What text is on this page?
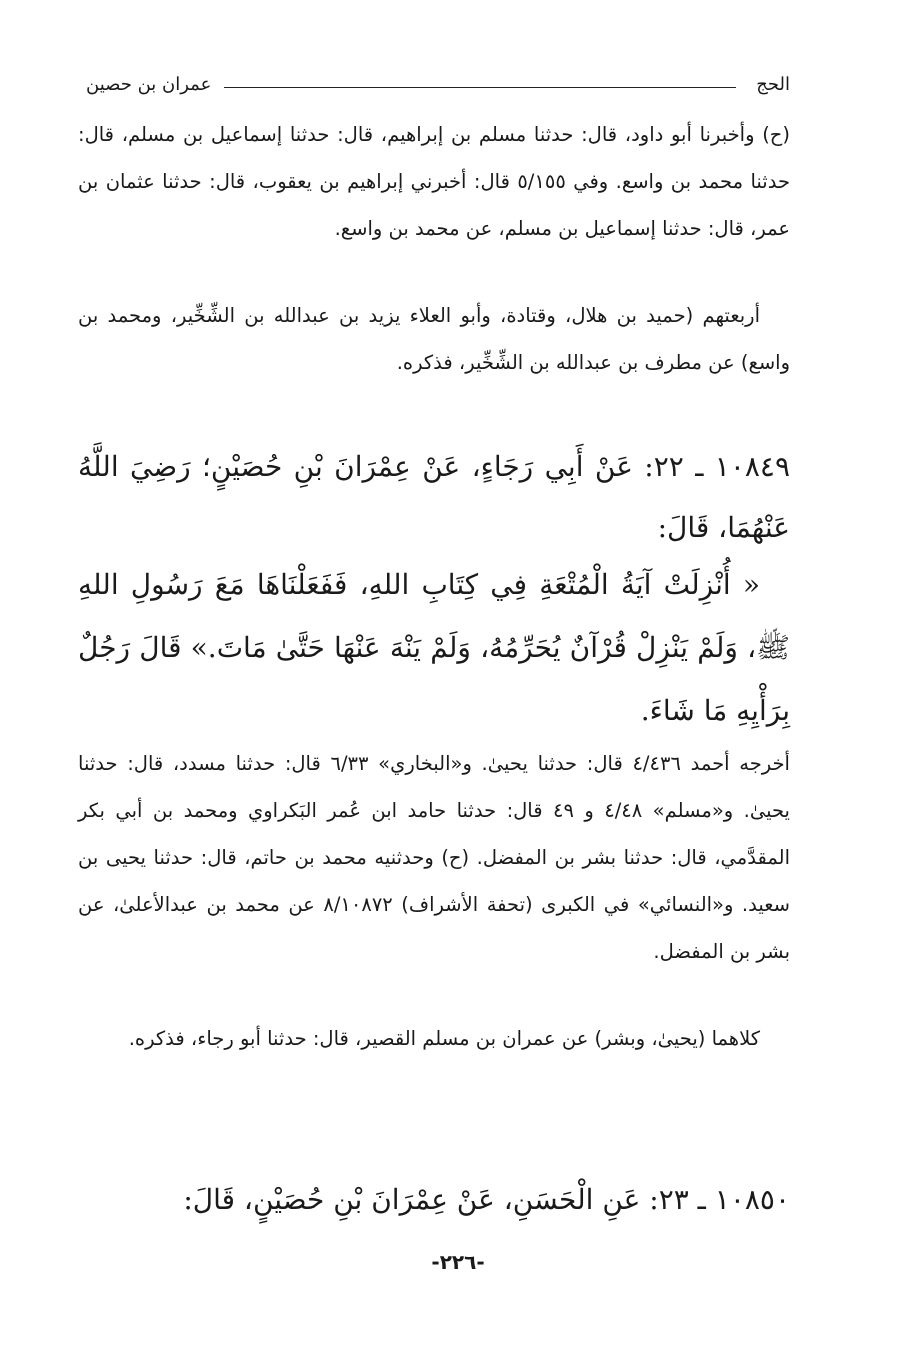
الحج
عمران بن حصين

(ح) وأخبرنا أبو داود، قال: حدثنا مسلم بن إبراهيم، قال: حدثنا إسماعيل بن مسلم، قال: حدثنا محمد بن واسع. وفي ٥/١٥٥ قال: أخبرني إبراهيم بن يعقوب، قال: حدثنا عثمان بن عمر، قال: حدثنا إسماعيل بن مسلم، عن محمد بن واسع.

أربعتهم (حميد بن هلال، وقتادة، وأبو العلاء يزيد بن عبدالله بن الشِّخِّير، ومحمد بن واسع) عن مطرف بن عبدالله بن الشِّخِّير، فذكره.

١٠٨٤٩ ـ ٢٢: عَنْ أَبِي رَجَاءٍ، عَنْ عِمْرَانَ بْنِ حُصَيْنٍ؛ رَضِيَ اللَّهُ عَنْهُمَا، قَالَ:

« أُنْزِلَتْ آيَةُ الْمُتْعَةِ فِي كِتَابِ اللهِ، فَفَعَلْنَاهَا مَعَ رَسُولِ اللهِ ﷺ، وَلَمْ يَنْزِلْ قُرْآنٌ يُحَرِّمُهُ، وَلَمْ يَنْهَ عَنْهَا حَتَّىٰ مَاتَ.» قَالَ رَجُلٌ بِرَأْيِهِ مَا شَاءَ.

أخرجه أحمد ٤/٤٣٦ قال: حدثنا يحيىٰ. و«البخاري» ٦/٣٣ قال: حدثنا مسدد، قال: حدثنا يحيىٰ. و«مسلم» ٤/٤٨ و ٤٩ قال: حدثنا حامد ابن عُمر البَكراوي ومحمد بن أبي بكر المقدَّمي، قال: حدثنا بشر بن المفضل. (ح) وحدثنيه محمد بن حاتم، قال: حدثنا يحيى بن سعيد. و«النسائي» في الكبرى (تحفة الأشراف) ٨/١٠٨٧٢ عن محمد بن عبدالأعلىٰ، عن بشر بن المفضل.

كلاهما (يحيىٰ، وبشر) عن عمران بن مسلم القصير، قال: حدثنا أبو رجاء، فذكره.

١٠٨٥٠ ـ ٢٣: عَنِ الْحَسَنِ، عَنْ عِمْرَانَ بْنِ حُصَيْنٍ، قَالَ:

-٢٢٦-
